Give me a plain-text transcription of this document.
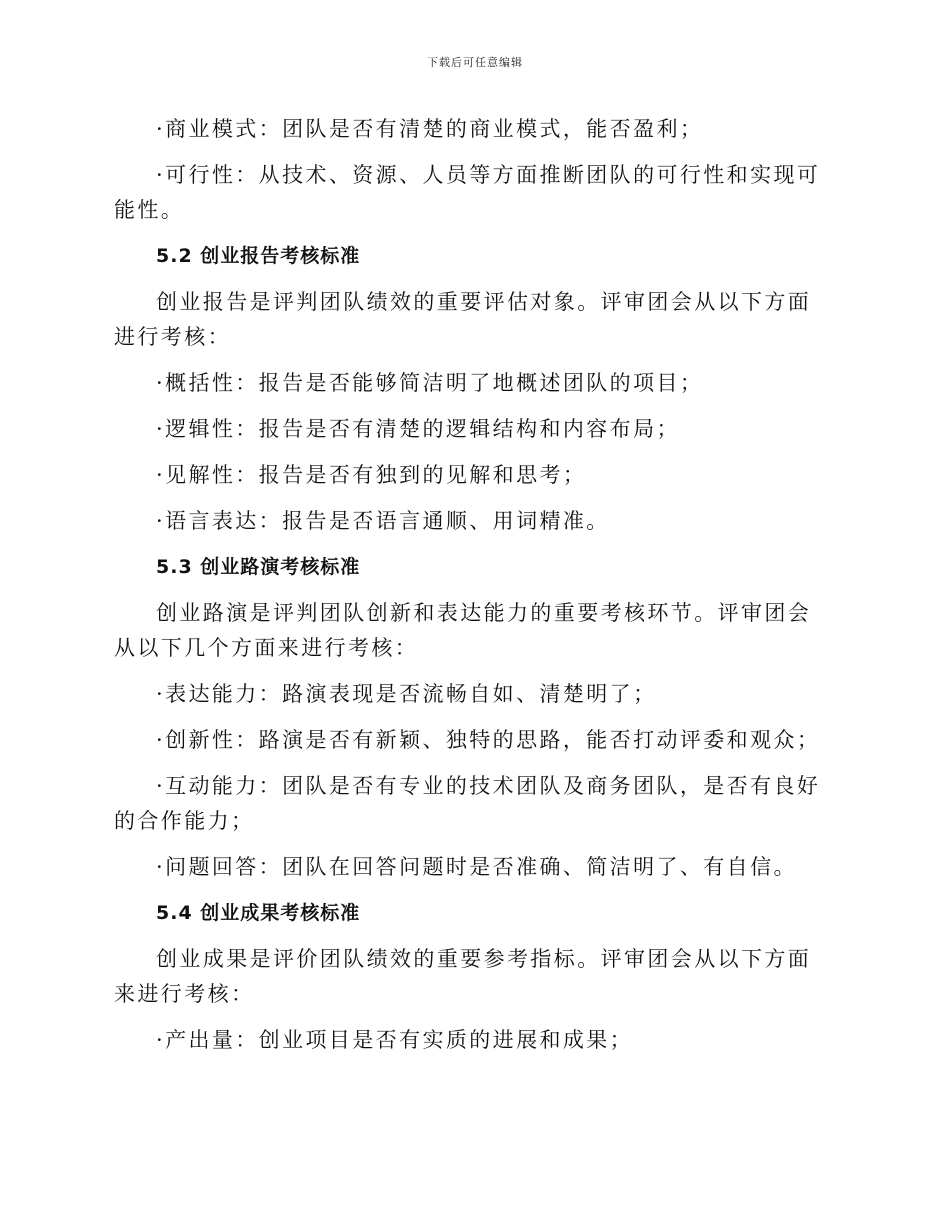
下载后可任意编辑

·商业模式：团队是否有清楚的商业模式，能否盈利；

·可行性：从技术、资源、人员等方面推断团队的可行性和实现可能性。

5.2 创业报告考核标准

创业报告是评判团队绩效的重要评估对象。评审团会从以下方面进行考核：

·概括性：报告是否能够简洁明了地概述团队的项目；

·逻辑性：报告是否有清楚的逻辑结构和内容布局；

·见解性：报告是否有独到的见解和思考；

·语言表达：报告是否语言通顺、用词精准。

5.3 创业路演考核标准

创业路演是评判团队创新和表达能力的重要考核环节。评审团会从以下几个方面来进行考核：

·表达能力：路演表现是否流畅自如、清楚明了；

·创新性：路演是否有新颖、独特的思路，能否打动评委和观众；

·互动能力：团队是否有专业的技术团队及商务团队，是否有良好的合作能力；

·问题回答：团队在回答问题时是否准确、简洁明了、有自信。

5.4 创业成果考核标准

创业成果是评价团队绩效的重要参考指标。评审团会从以下方面来进行考核：

·产出量：创业项目是否有实质的进展和成果；
